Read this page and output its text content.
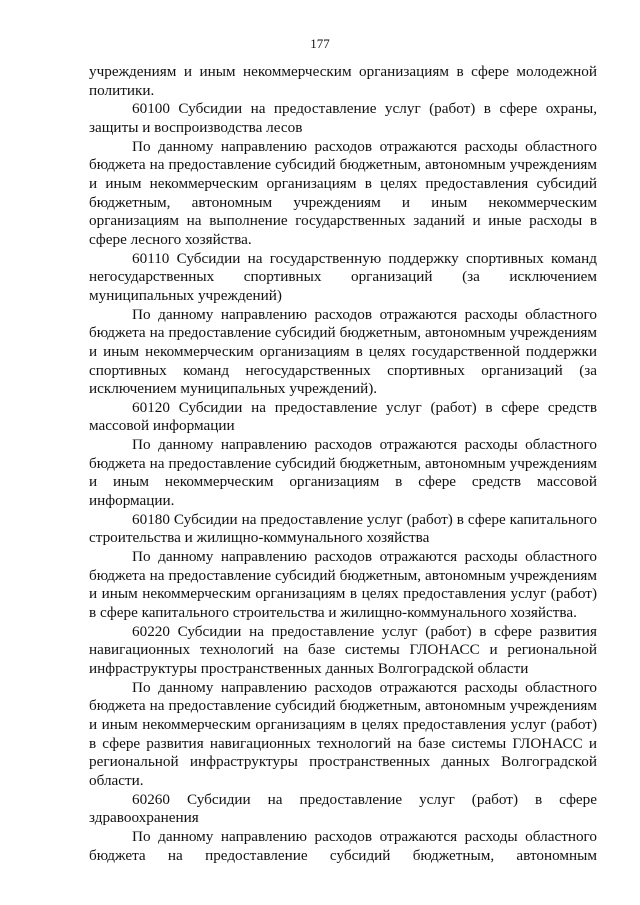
177

учреждениям и иным некоммерческим организациям в сфере молодежной политики.

60100 Субсидии на предоставление услуг (работ) в сфере охраны, защиты и воспроизводства лесов

По данному направлению расходов отражаются расходы областного бюджета на предоставление субсидий бюджетным, автономным учреждениям и иным некоммерческим организациям в целях предоставления субсидий бюджетным, автономным учреждениям и иным некоммерческим организациям на выполнение государственных заданий и иные расходы в сфере лесного хозяйства.

60110 Субсидии на государственную поддержку спортивных команд негосударственных спортивных организаций (за исключением муниципальных учреждений)

По данному направлению расходов отражаются расходы областного бюджета на предоставление субсидий бюджетным, автономным учреждениям и иным некоммерческим организациям в целях государственной поддержки спортивных команд негосударственных спортивных организаций (за исключением муниципальных учреждений).

60120 Субсидии на предоставление услуг (работ) в сфере средств массовой информации

По данному направлению расходов отражаются расходы областного бюджета на предоставление субсидий бюджетным, автономным учреждениям и иным некоммерческим организациям в сфере средств массовой информации.

60180 Субсидии на предоставление услуг (работ) в сфере капитального строительства и жилищно-коммунального хозяйства

По данному направлению расходов отражаются расходы областного бюджета на предоставление субсидий бюджетным, автономным учреждениям и иным некоммерческим организациям в целях предоставления услуг (работ) в сфере капитального строительства и жилищно-коммунального хозяйства.

60220 Субсидии на предоставление услуг (работ) в сфере развития навигационных технологий на базе системы ГЛОНАСС и региональной инфраструктуры пространственных данных Волгоградской области

По данному направлению расходов отражаются расходы областного бюджета на предоставление субсидий бюджетным, автономным учреждениям и иным некоммерческим организациям в целях предоставления услуг (работ) в сфере развития навигационных технологий на базе системы ГЛОНАСС и региональной инфраструктуры пространственных данных Волгоградской области.

60260 Субсидии на предоставление услуг (работ) в сфере здравоохранения

По данному направлению расходов отражаются расходы областного бюджета на предоставление субсидий бюджетным, автономным
